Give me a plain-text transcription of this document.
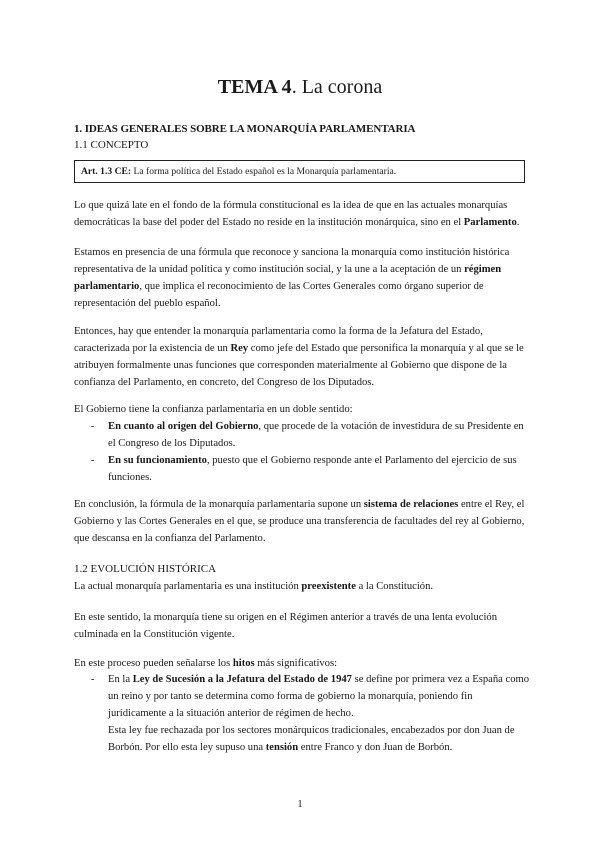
TEMA 4. La corona
1. IDEAS GENERALES SOBRE LA MONARQUÍA PARLAMENTARIA
1.1 CONCEPTO
Art. 1.3 CE: La forma política del Estado español es la Monarquía parlamentaria.

Lo que quizá late en el fondo de la fórmula constitucional es la idea de que en las actuales monarquías democráticas la base del poder del Estado no reside en la institución monárquica, sino en el Parlamento.

Estamos en presencia de una fórmula que reconoce y sanciona la monarquía como institución histórica representativa de la unidad política y como institución social, y la une a la aceptación de un régimen parlamentario, que implica el reconocimiento de las Cortes Generales como órgano superior de representación del pueblo español.

Entonces, hay que entender la monarquía parlamentaria como la forma de la Jefatura del Estado, caracterizada por la existencia de un Rey como jefe del Estado que personifica la monarquía y al que se le atribuyen formalmente unas funciones que corresponden materialmente al Gobierno que dispone de la confianza del Parlamento, en concreto, del Congreso de los Diputados.

El Gobierno tiene la confianza parlamentaria en un doble sentido:

- En cuanto al origen del Gobierno, que procede de la votación de investidura de su Presidente en el Congreso de los Diputados.
- En su funcionamiento, puesto que el Gobierno responde ante el Parlamento del ejercicio de sus funciones.

En conclusión, la fórmula de la monarquía parlamentaria supone un sistema de relaciones entre el Rey, el Gobierno y las Cortes Generales en el que, se produce una transferencia de facultades del rey al Gobierno, que descansa en la confianza del Parlamento.

1.2 EVOLUCIÓN HISTÓRICA

La actual monarquía parlamentaria es una institución preexistente a la Constitución.

En este sentido, la monarquía tiene su origen en el Régimen anterior a través de una lenta evolución culminada en la Constitución vigente.

En este proceso pueden señalarse los hitos más significativos:

- En la Ley de Sucesión a la Jefatura del Estado de 1947 se define por primera vez a España como un reino y por tanto se determina como forma de gobierno la monarquía, poniendo fin jurídicamente a la situación anterior de régimen de hecho.
Esta ley fue rechazada por los sectores monárquicos tradicionales, encabezados por don Juan de Borbón. Por ello esta ley supuso una tensión entre Franco y don Juan de Borbón.
1
